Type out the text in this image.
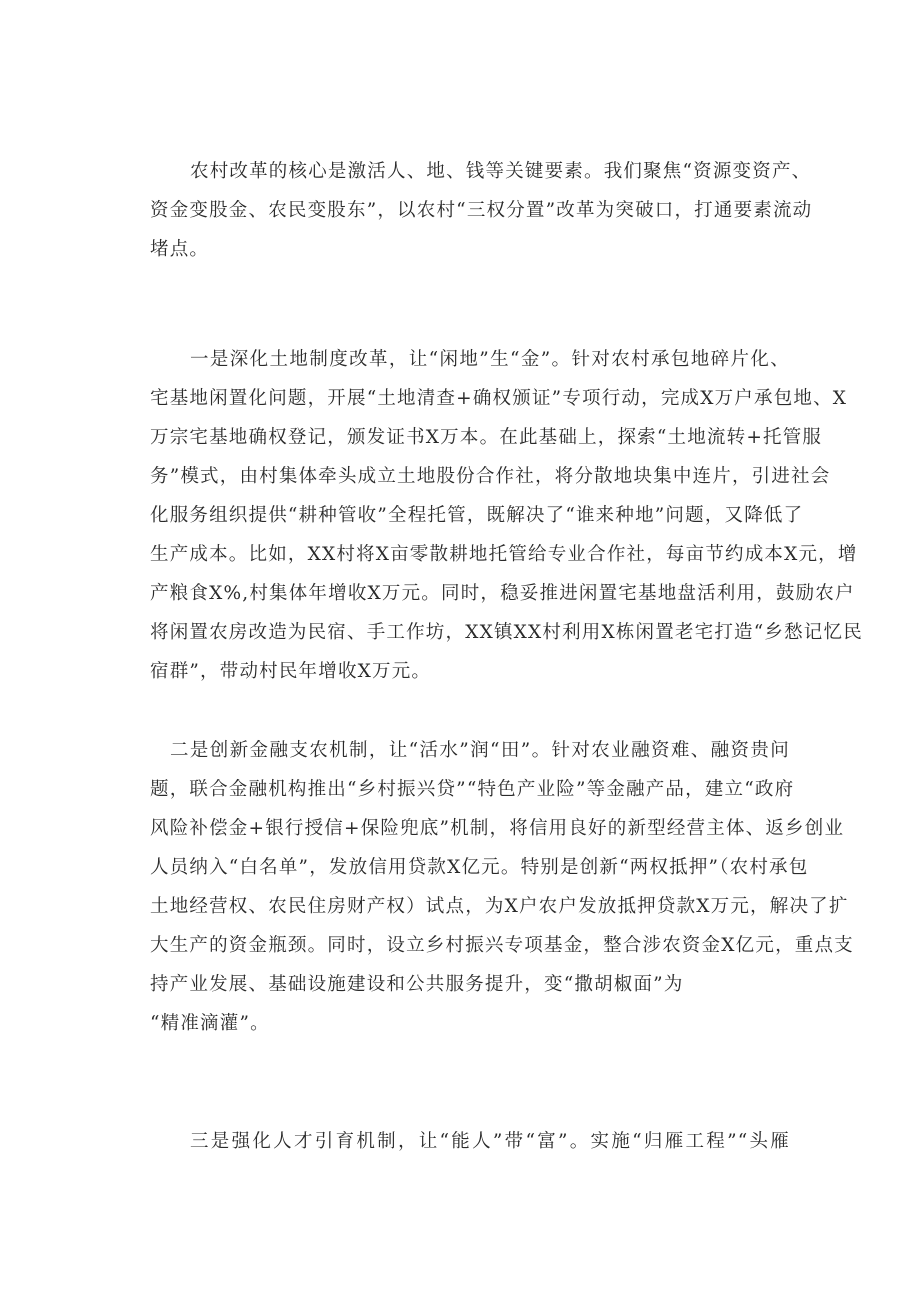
农村改革的核心是激活人、地、钱等关键要素。我们聚焦“资源变资产、
资金变股金、农民变股东”，以农村“三权分置”改革为突破口，打通要素流动
堵点。
一是深化土地制度改革，让“闲地”生“金”。针对农村承包地碎片化、
宅基地闲置化问题，开展“土地清查+确权颁证”专项行动，完成X万户承包地、X
万宗宅基地确权登记，颁发证书X万本。在此基础上，探索“土地流转+托管服
务”模式，由村集体牵头成立土地股份合作社，将分散地块集中连片，引进社会
化服务组织提供“耕种管收”全程托管，既解决了“谁来种地”问题，又降低了
生产成本。比如，XX村将X亩零散耕地托管给专业合作社，每亩节约成本X元，增
产粮食X%,村集体年增收X万元。同时，稳妥推进闲置宅基地盘活利用，鼓励农户
将闲置农房改造为民宿、手工作坊，XX镇XX村利用X栋闲置老宅打造“乡愁记忆民
宿群”，带动村民年增收X万元。
二是创新金融支农机制，让“活水”润“田”。针对农业融资难、融资贵问
题，联合金融机构推出“乡村振兴贷”“特色产业险”等金融产品，建立“政府
风险补偿金+银行授信+保险兜底”机制，将信用良好的新型经营主体、返乡创业
人员纳入“白名单”，发放信用贷款X亿元。特别是创新“两权抵押”（农村承包
土地经营权、农民住房财产权）试点，为X户农户发放抵押贷款X万元，解决了扩
大生产的资金瓶颈。同时，设立乡村振兴专项基金，整合涉农资金X亿元，重点支
持产业发展、基础设施建设和公共服务提升，变“撒胡椒面”为
“精准滴灌”。
三是强化人才引育机制，让“能人”带“富”。实施“归雁工程”“头雁
